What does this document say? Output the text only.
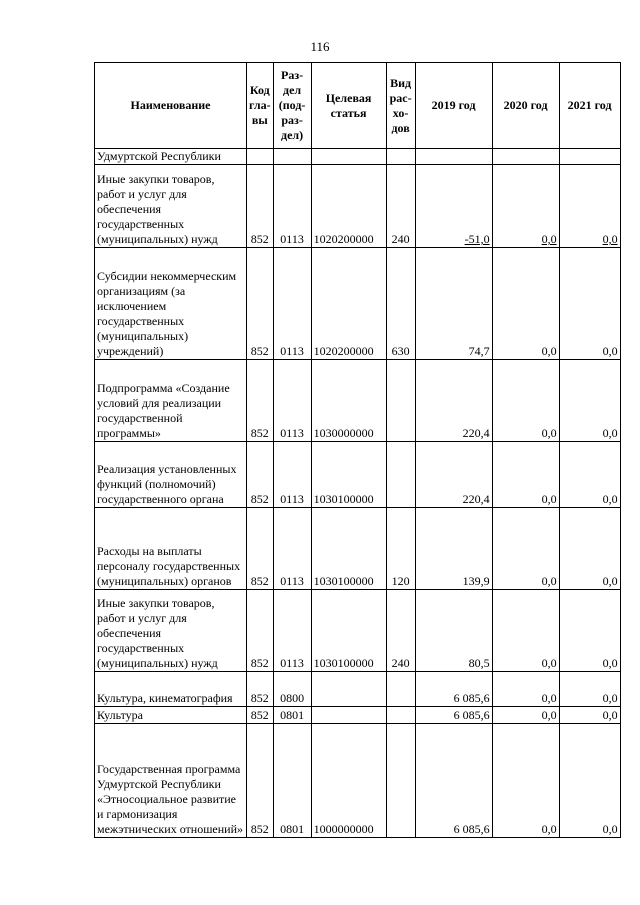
116
Наименование	Код гла- вы	Раз- дел (под- раз- дел)	Целевая статья	Вид рас- хо- дов	2019 год	2020 год	2021 год
Удмуртской Республики							
Иные закупки товаров, работ и услуг для обеспечения государственных (муниципальных) нужд	852	0113	1020200000	240	-51,0	0,0	0,0
Субсидии некоммерческим организациям (за исключением государственных (муниципальных) учреждений)	852	0113	1020200000	630	74,7	0,0	0,0
Подпрограмма «Создание условий для реализации государственной программы»	852	0113	1030000000		220,4	0,0	0,0
Реализация установленных функций (полномочий) государственного органа	852	0113	1030100000		220,4	0,0	0,0
Расходы на выплаты персоналу государственных (муниципальных) органов	852	0113	1030100000	120	139,9	0,0	0,0
Иные закупки товаров, работ и услуг для обеспечения государственных (муниципальных) нужд	852	0113	1030100000	240	80,5	0,0	0,0
Культура, кинематография	852	0800			6 085,6	0,0	0,0
Культура	852	0801			6 085,6	0,0	0,0
Государственная программа Удмуртской Республики «Этносоциальное развитие и гармонизация межэтнических отношений»	852	0801	1000000000		6 085,6	0,0	0,0
